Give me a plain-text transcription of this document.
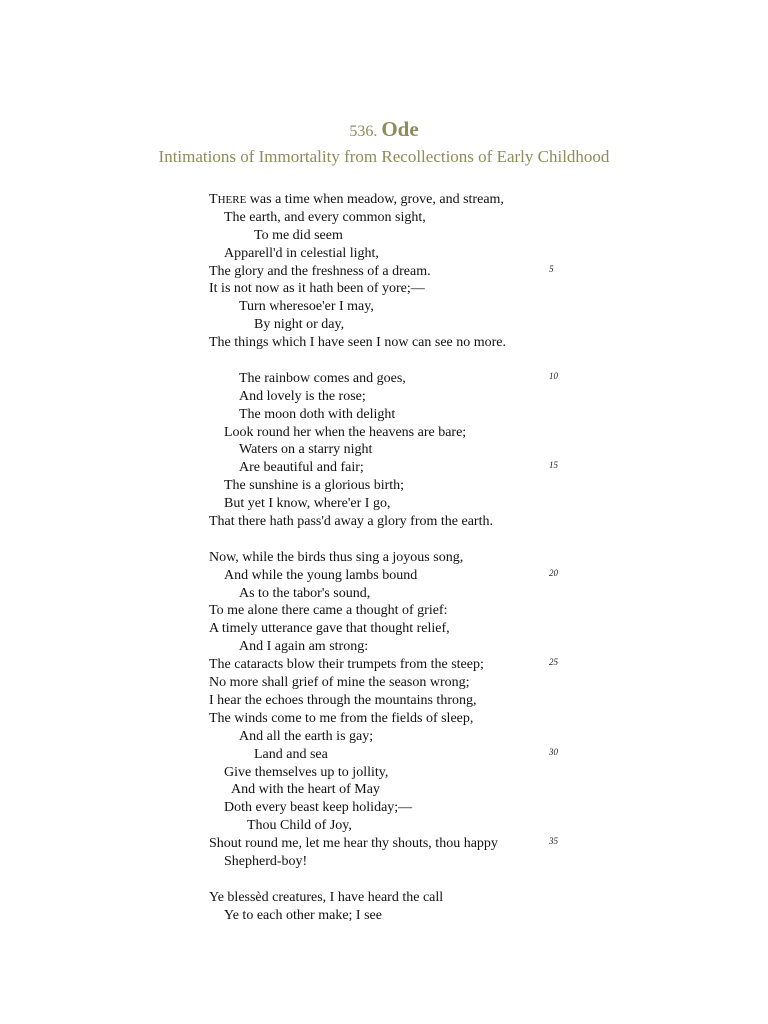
536. Ode
Intimations of Immortality from Recollections of Early Childhood
THERE was a time when meadow, grove, and stream,
The earth, and every common sight,
To me did seem
Apparell'd in celestial light,
The glory and the freshness of a dream.	5
It is not now as it hath been of yore;—
Turn wheresoe'er I may,
By night or day,
The things which I have seen I now can see no more.
The rainbow comes and goes,	10
And lovely is the rose;
The moon doth with delight
Look round her when the heavens are bare;
Waters on a starry night
Are beautiful and fair;	15
The sunshine is a glorious birth;
But yet I know, where'er I go,
That there hath pass'd away a glory from the earth.
Now, while the birds thus sing a joyous song,
And while the young lambs bound	20
As to the tabor's sound,
To me alone there came a thought of grief:
A timely utterance gave that thought relief,
And I again am strong:
The cataracts blow their trumpets from the steep;	25
No more shall grief of mine the season wrong;
I hear the echoes through the mountains throng,
The winds come to me from the fields of sleep,
And all the earth is gay;
Land and sea	30
Give themselves up to jollity,
And with the heart of May
Doth every beast keep holiday;—
Thou Child of Joy,
Shout round me, let me hear thy shouts, thou happy	35
Shepherd-boy!
Ye blessèd creatures, I have heard the call
Ye to each other make; I see
